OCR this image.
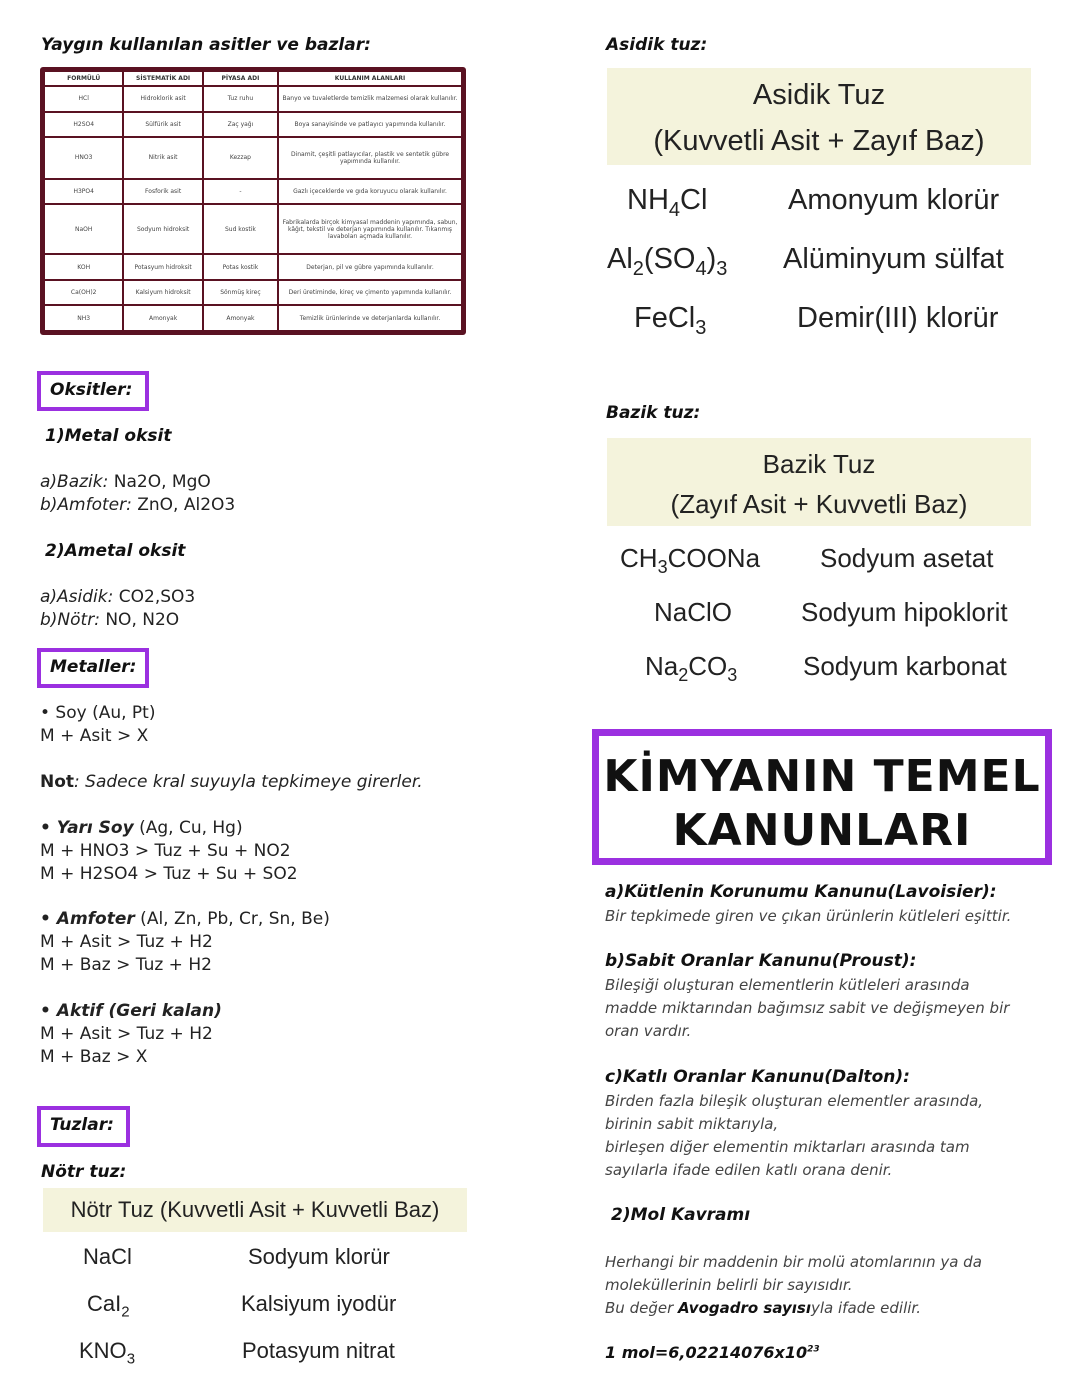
Yaygın kullanılan asitler ve bazlar:
FORMÜLÜ	SİSTEMATİK ADI	PİYASA ADI	KULLANIM ALANLARI
HCl	Hidroklorik asit	Tuz ruhu	Banyo ve tuvaletlerde temizlik malzemesi olarak kullanılır.
H2SO4	Sülfürik asit	Zaç yağı	Boya sanayisinde ve patlayıcı yapımında kullanılır.
HNO3	Nitrik asit	Kezzap	Dinamit, çeşitli patlayıcılar, plastik ve sentetik gübre yapımında kullanılır.
H3PO4	Fosforik asit	-	Gazlı içeceklerde ve gıda koruyucu olarak kullanılır.
NaOH	Sodyum hidroksit	Sud kostik	Fabrikalarda birçok kimyasal maddenin yapımında, sabun, kâğıt, tekstil ve deterjan yapımında kullanılır. Tıkanmış lavaboları açmada kullanılır.
KOH	Potasyum hidroksit	Potas kostik	Deterjan, pil ve gübre yapımında kullanılır.
Ca(OH)2	Kalsiyum hidroksit	Sönmüş kireç	Deri üretiminde, kireç ve çimento yapımında kullanılır.
NH3	Amonyak	Amonyak	Temizlik ürünlerinde ve deterjanlarda kullanılır.
Oksitler:
1)Metal oksit
a)Bazik: Na2O, MgO
b)Amfoter: ZnO, Al2O3
2)Ametal oksit
a)Asidik: CO2,SO3
b)Nötr: NO, N2O
Metaller:
• Soy (Au, Pt)
M + Asit > X
Not: Sadece kral suyuyla tepkimeye girerler.
• Yarı Soy (Ag, Cu, Hg)
M + HNO3 > Tuz + Su + NO2
M + H2SO4 > Tuz + Su + SO2
• Amfoter (Al, Zn, Pb, Cr, Sn, Be)
M + Asit > Tuz + H2
M + Baz > Tuz + H2
• Aktif (Geri kalan)
M + Asit > Tuz + H2
M + Baz > X
Tuzlar:
Nötr tuz:
Nötr Tuz (Kuvvetli Asit + Kuvvetli Baz)
NaCl	Sodyum klorür
CaI$_2$	Kalsiyum iyodür
$KNO_3$	Potasyum nitrat
Asidik tuz:
Asidik Tuz
(Kuvvetli Asit + Zayıf Baz)
$NH_4Cl$	Amonyum klorür
$Al_2(SO_4)_3$ Alüminyum sülfat
FeCl$_3$	Demir(III) klorür
Bazik tuz:
Bazik Tuz
(Zayıf Asit + Kuvvetli Baz)
$CH_3COONa$ Sodyum asetat
NaClO	Sodyum hipoklorit
$Na_2CO_3$	Sodyum karbonat
KİMYANIN TEMEL
KANUNLARI
a)Kütlenin Korunumu Kanunu(Lavoisier):
Bir tepkimede giren ve çıkan ürünlerin kütleleri eşittir.
b)Sabit Oranlar Kanunu(Proust):
Bileşiği oluşturan elementlerin kütleleri arasında
madde miktarından bağımsız sabit ve değişmeyen bir
oran vardır.
c)Katlı Oranlar Kanunu(Dalton):
Birden fazla bileşik oluşturan elementler arasında,
birinin sabit miktarıyla,
birleşen diğer elementin miktarları arasında tam
sayılarla ifade edilen katlı orana denir.
2)Mol Kavramı
Herhangi bir maddenin bir molü atomlarının ya da
moleküllerinin belirli bir sayısıdır.
Bu değer Avogadro sayısıyla ifade edilir.
1 $mol=6,02214076x10^{23}$
